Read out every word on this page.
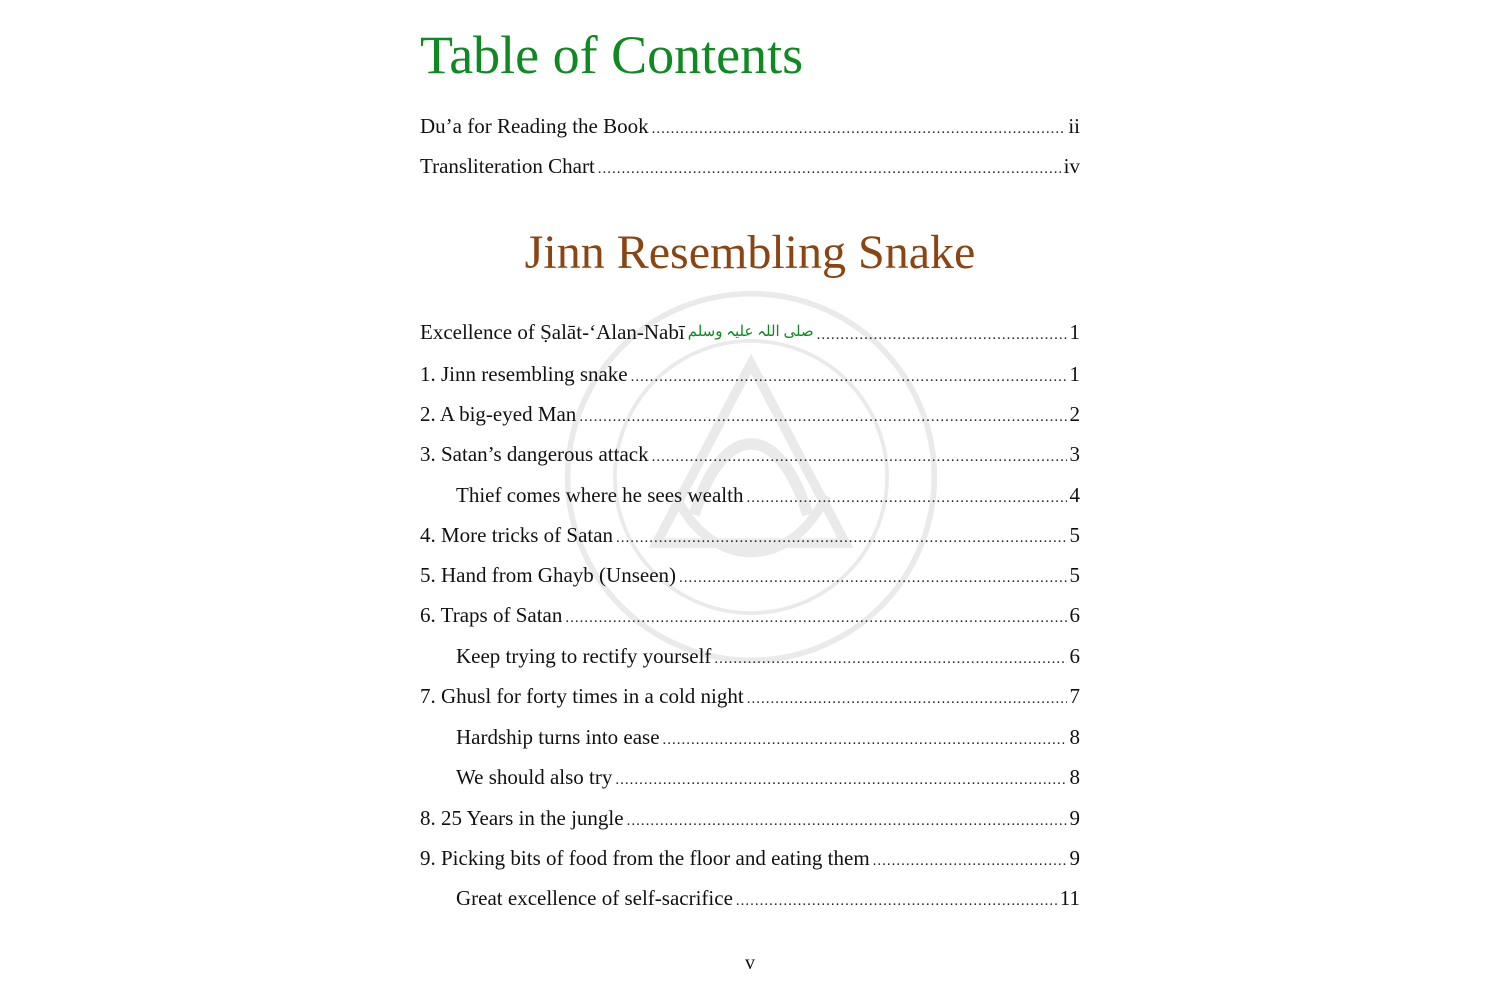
Table of Contents
Du’a for Reading the Book .....	ii
Transliteration Chart .....	iv
Jinn Resembling Snake
Excellence of Ṣalāt-‘Alan-Nabī صلی اللہ علیہ وسلم .....	1
1. Jinn resembling snake .....	1
2. A big-eyed Man .....	2
3. Satan’s dangerous attack .....	3
Thief comes where he sees wealth .....	4
4. More tricks of Satan .....	5
5. Hand from Ghayb (Unseen) .....	5
6. Traps of Satan .....	6
Keep trying to rectify yourself .....	6
7. Ghusl for forty times in a cold night .....	7
Hardship turns into ease .....	8
We should also try .....	8
8. 25 Years in the jungle .....	9
9. Picking bits of food from the floor and eating them .....	9
Great excellence of self-sacrifice .....	11

v
